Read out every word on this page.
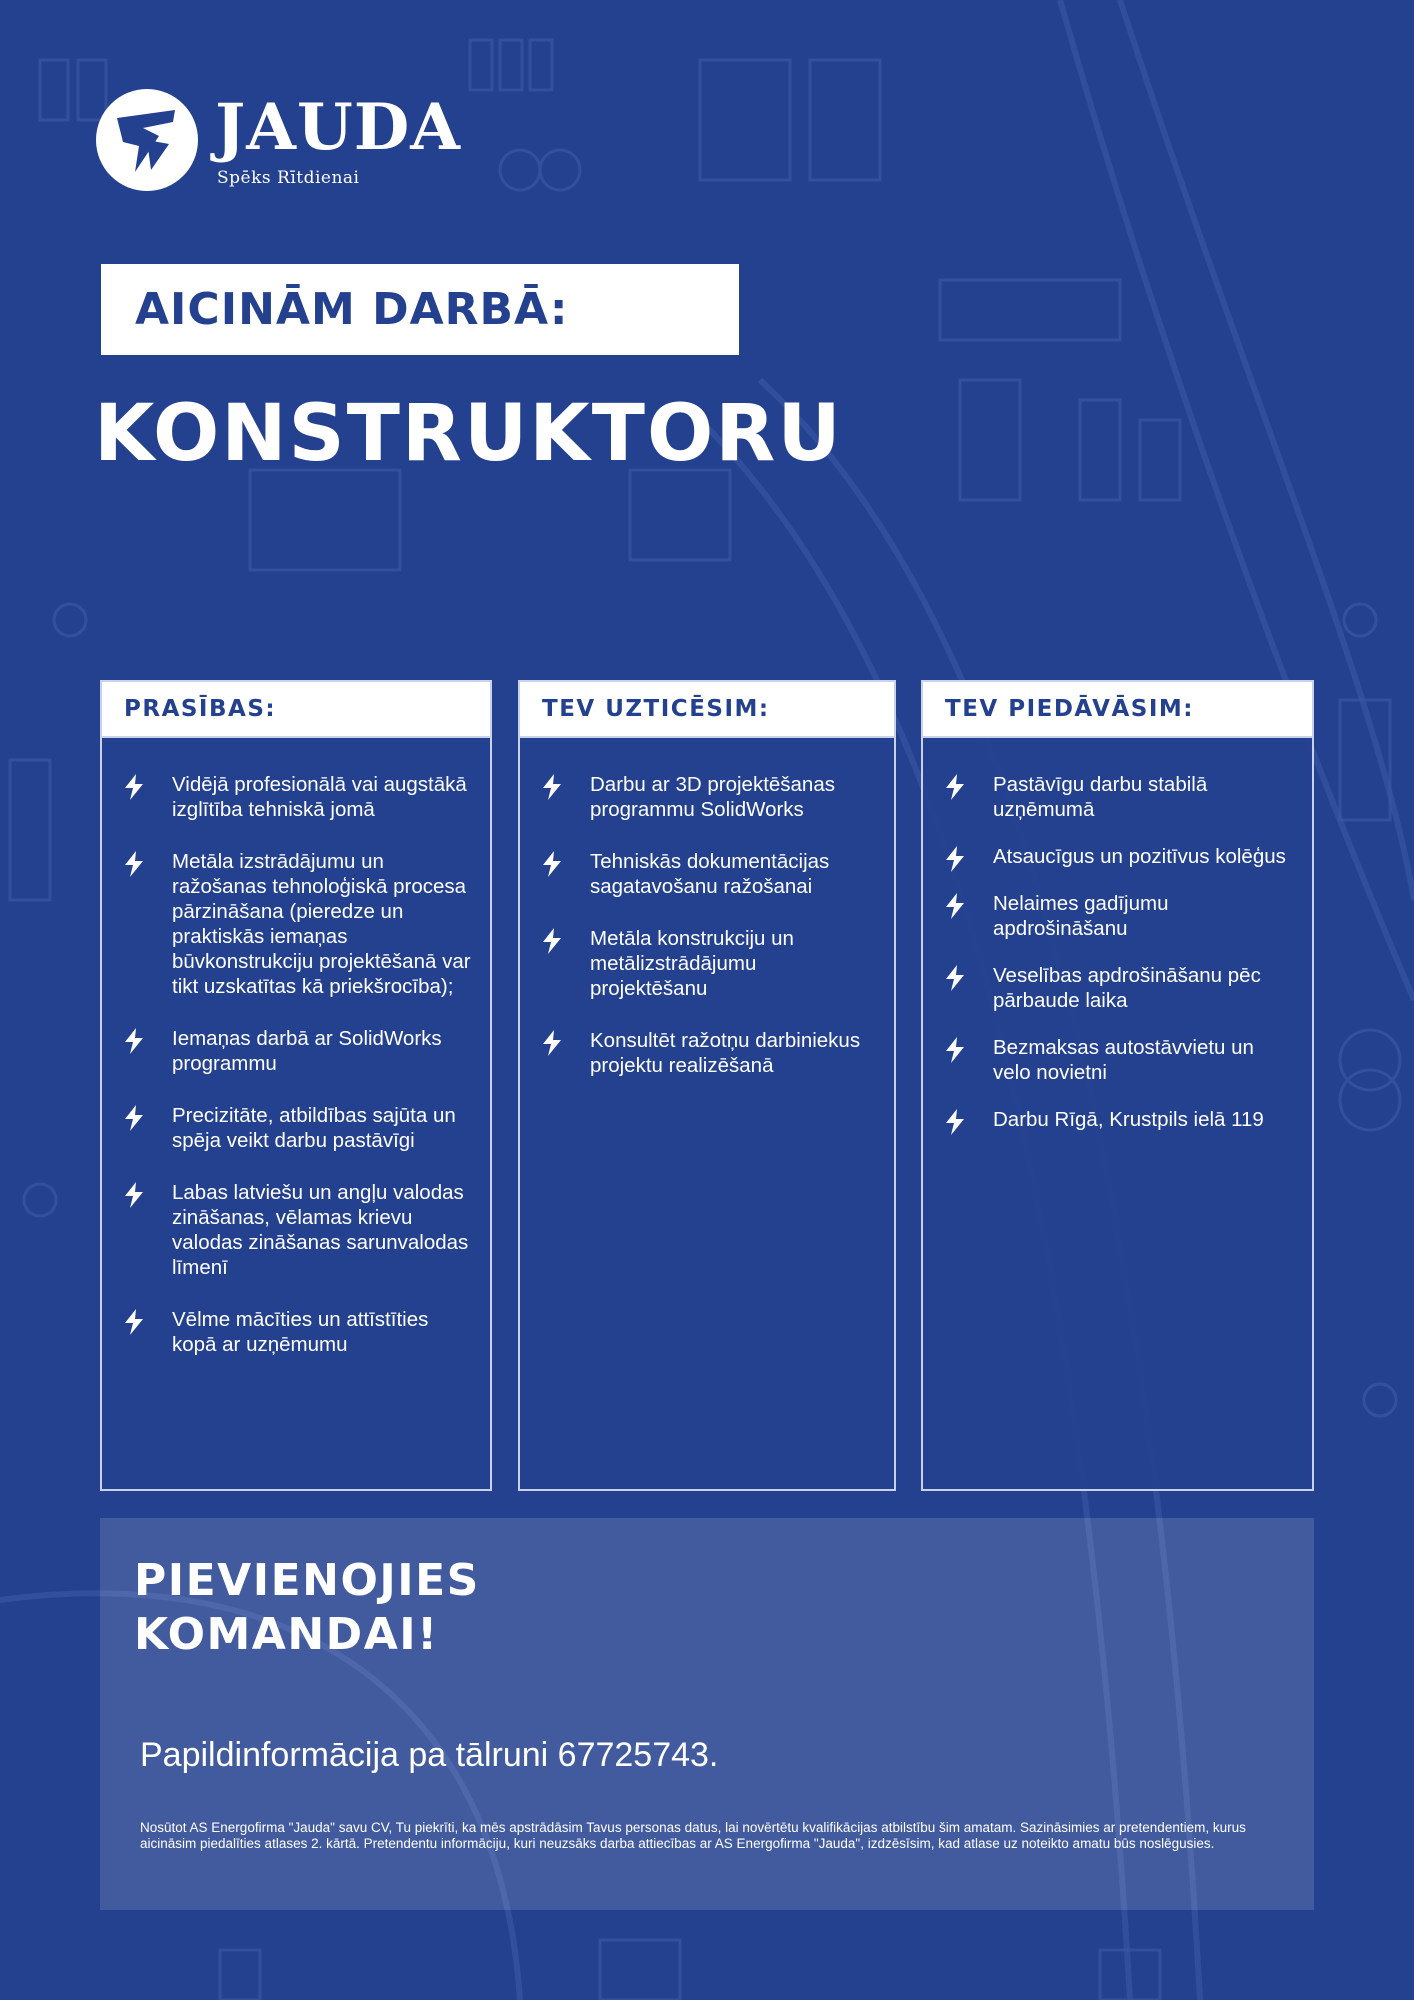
JAUDA
Spēks Rītdienai
AICINĀM DARBĀ:
KONSTRUKTORU
PRASĪBAS:
Vidējā profesionālā vai augstākā izglītība tehniskā jomā
Metāla izstrādājumu un ražošanas tehnoloģiskā procesa pārzināšana (pieredze un praktiskās iemaņas būvkonstrukciju projektēšanā var tikt uzskatītas kā priekšrocība);
Iemaņas darbā ar SolidWorks programmu
Precizitāte, atbildības sajūta un spēja veikt darbu pastāvīgi
Labas latviešu un angļu valodas zināšanas, vēlamas krievu valodas zināšanas sarunvalodas līmenī
Vēlme mācīties un attīstīties kopā ar uzņēmumu
TEV UZTICĒSIM:
Darbu ar 3D projektēšanas programmu SolidWorks
Tehniskās dokumentācijas sagatavošanu ražošanai
Metāla konstrukciju un metālizstrādājumu projektēšanu
Konsultēt ražotņu darbiniekus projektu realizēšanā
TEV PIEDĀVĀSIM:
Pastāvīgu darbu stabilā uzņēmumā
Atsaucīgus un pozitīvus kolēģus
Nelaimes gadījumu apdrošināšanu
Veselības apdrošināšanu pēc pārbaude laika
Bezmaksas autostāvvietu un velo novietni
Darbu Rīgā, Krustpils ielā 119
PIEVIENOJIES
KOMANDAI!
Papildinformācija pa tālruni 67725743.
Nosūtot AS Energofirma "Jauda" savu CV, Tu piekrīti, ka mēs apstrādāsim Tavus personas datus, lai novērtētu kvalifikācijas atbilstību šim amatam. Sazināsimies ar pretendentiem, kurus aicināsim piedalīties atlases 2. kārtā. Pretendentu informāciju, kuri neuzsāks darba attiecības ar AS Energofirma "Jauda", izdzēsīsim, kad atlase uz noteikto amatu būs noslēgusies.
